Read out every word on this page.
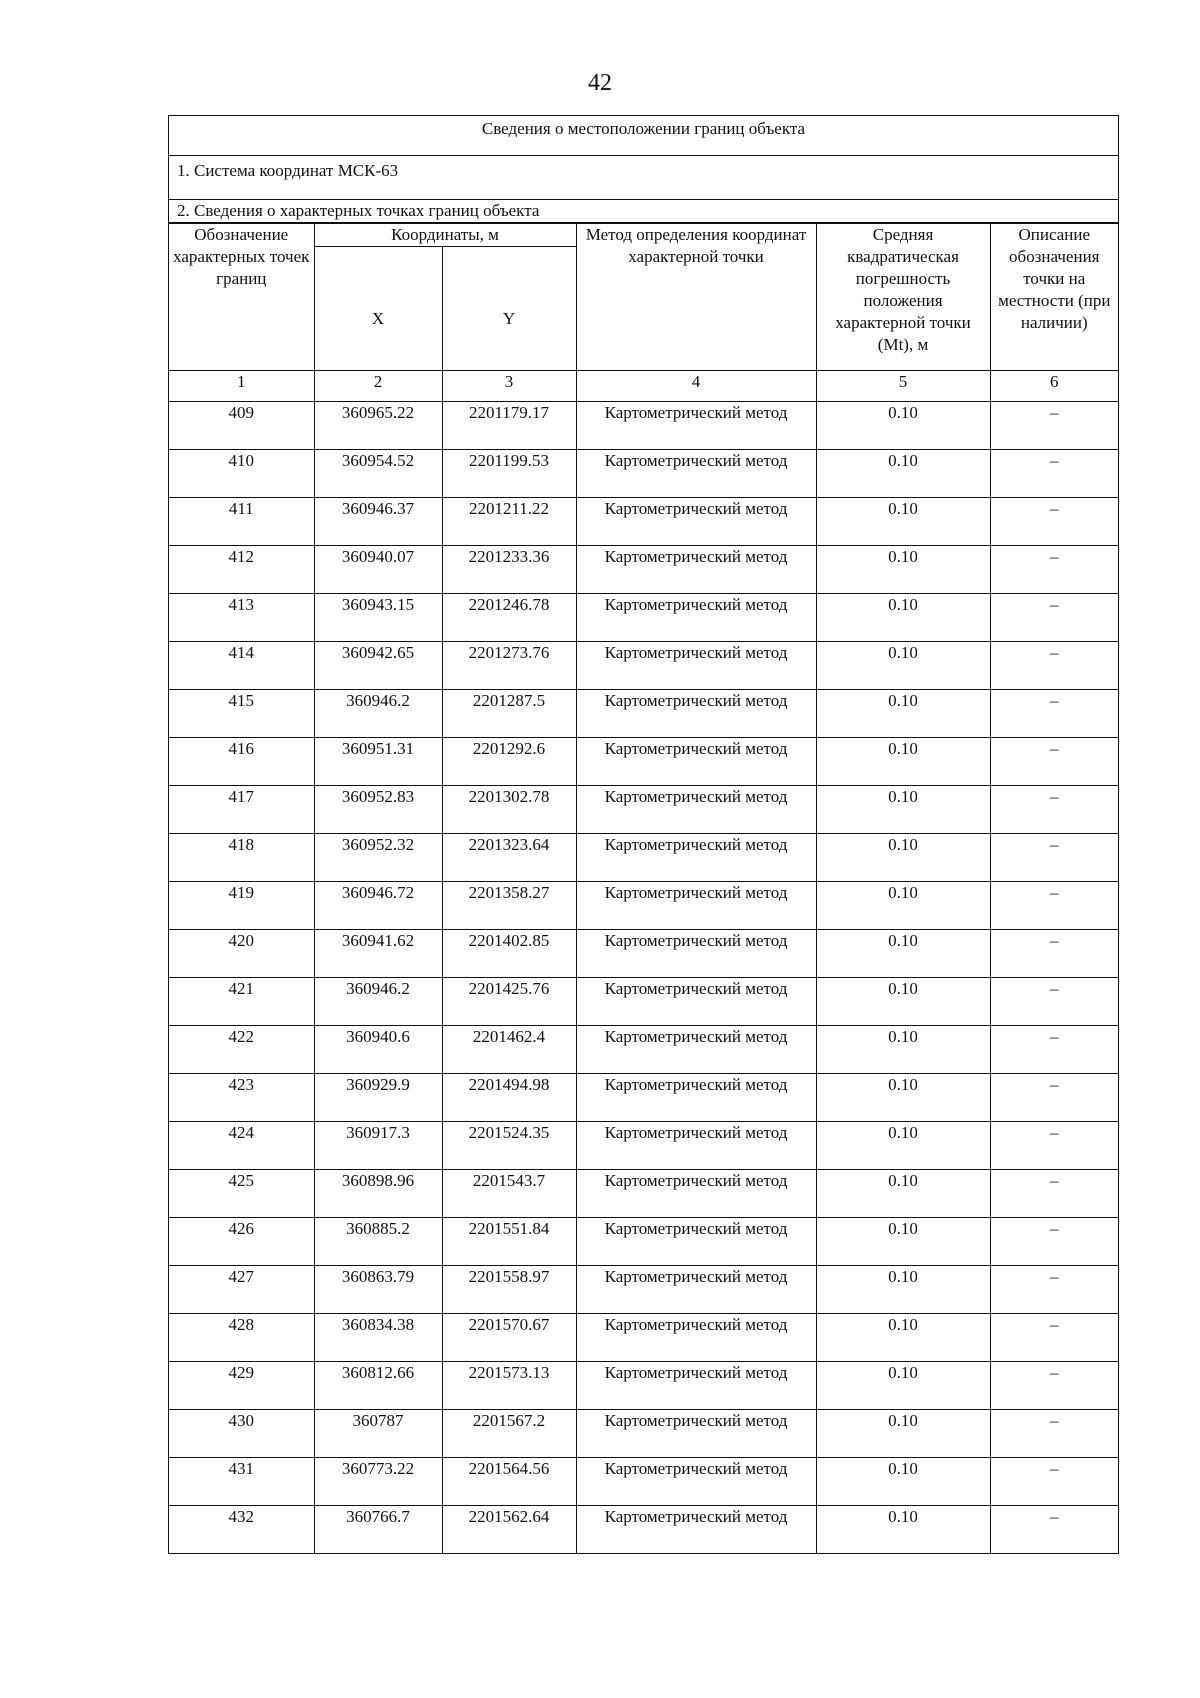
42
Сведения о местоположении границ объекта
1. Система координат МСК-63
2. Сведения о характерных точках границ объекта
Обозначение характерных точек границ	Координаты, м		Метод определения координат характерной точки	Средняя квадратическая погрешность положения характерной точки (Mt), м	Описание обозначения точки на местности (при наличии)
	X	Y			
1	2	3	4	5	6
409	360965.22	2201179.17	Картометрический метод	0.10	–
410	360954.52	2201199.53	Картометрический метод	0.10	–
411	360946.37	2201211.22	Картометрический метод	0.10	–
412	360940.07	2201233.36	Картометрический метод	0.10	–
413	360943.15	2201246.78	Картометрический метод	0.10	–
414	360942.65	2201273.76	Картометрический метод	0.10	–
415	360946.2	2201287.5	Картометрический метод	0.10	–
416	360951.31	2201292.6	Картометрический метод	0.10	–
417	360952.83	2201302.78	Картометрический метод	0.10	–
418	360952.32	2201323.64	Картометрический метод	0.10	–
419	360946.72	2201358.27	Картометрический метод	0.10	–
420	360941.62	2201402.85	Картометрический метод	0.10	–
421	360946.2	2201425.76	Картометрический метод	0.10	–
422	360940.6	2201462.4	Картометрический метод	0.10	–
423	360929.9	2201494.98	Картометрический метод	0.10	–
424	360917.3	2201524.35	Картометрический метод	0.10	–
425	360898.96	2201543.7	Картометрический метод	0.10	–
426	360885.2	2201551.84	Картометрический метод	0.10	–
427	360863.79	2201558.97	Картометрический метод	0.10	–
428	360834.38	2201570.67	Картометрический метод	0.10	–
429	360812.66	2201573.13	Картометрический метод	0.10	–
430	360787	2201567.2	Картометрический метод	0.10	–
431	360773.22	2201564.56	Картометрический метод	0.10	–
432	360766.7	2201562.64	Картометрический метод	0.10	–
